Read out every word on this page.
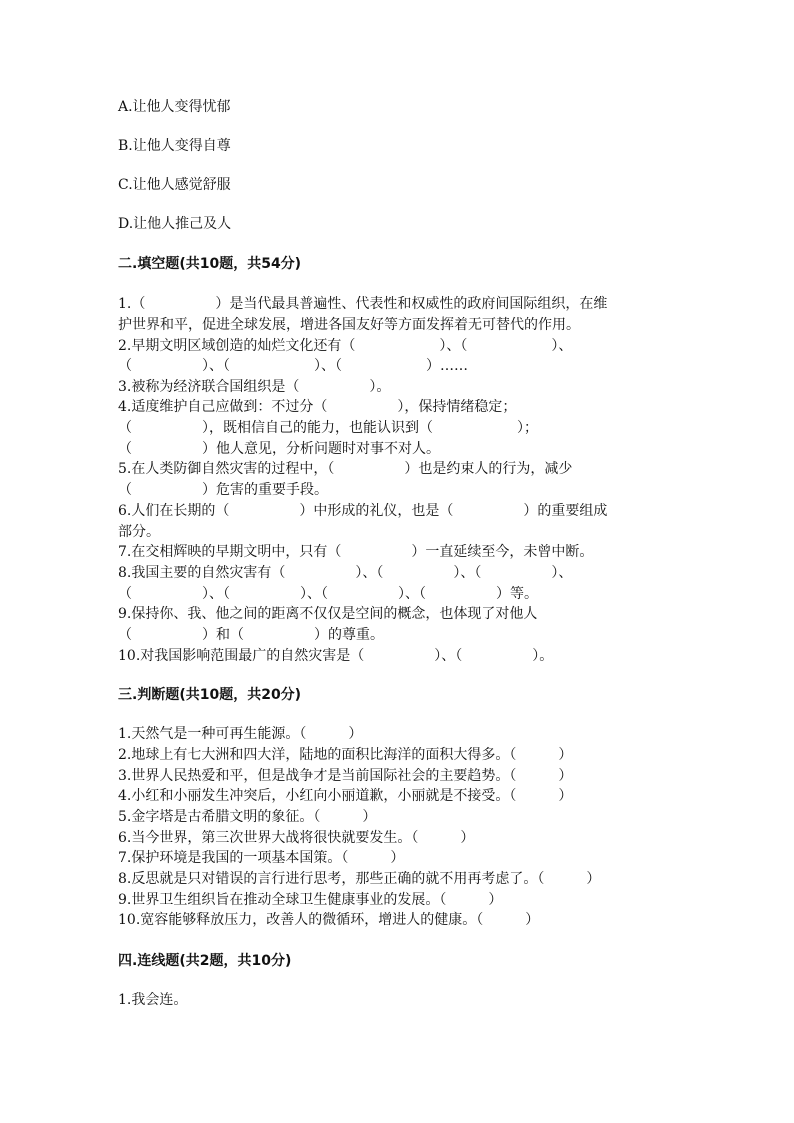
A.让他人变得忧郁
B.让他人变得自尊
C.让他人感觉舒服
D.让他人推己及人
二.填空题(共10题，共54分)
1.（　　　　　）是当代最具普遍性、代表性和权威性的政府间国际组织，在维
护世界和平，促进全球发展，增进各国友好等方面发挥着无可替代的作用。
2.早期文明区域创造的灿烂文化还有（　　　　　　）、（　　　　　　）、
（　　　　　）、（　　　　　　）、（　　　　　　）……
3.被称为经济联合国组织是（　　　　　）。
4.适度维护自己应做到：不过分（　　　　　），保持情绪稳定；
（　　　　　），既相信自己的能力，也能认识到（　　　　　　）；
（　　　　　）他人意见，分析问题时对事不对人。
5.在人类防御自然灾害的过程中，（　　　　　）也是约束人的行为，减少
（　　　　　）危害的重要手段。
6.人们在长期的（　　　　　）中形成的礼仪，也是（　　　　　）的重要组成
部分。
7.在交相辉映的早期文明中，只有（　　　　　）一直延续至今，未曾中断。
8.我国主要的自然灾害有（　　　　　）、（　　　　　）、（　　　　　）、
（　　　　　）、（　　　　　）、（　　　　　）、（　　　　　）等。
9.保持你、我、他之间的距离不仅仅是空间的概念，也体现了对他人
（　　　　　）和（　　　　　）的尊重。
10.对我国影响范围最广的自然灾害是（　　　　　）、（　　　　　）。
三.判断题(共10题，共20分)
1.天然气是一种可再生能源。（　　　）
2.地球上有七大洲和四大洋，陆地的面积比海洋的面积大得多。（　　　）
3.世界人民热爱和平，但是战争才是当前国际社会的主要趋势。（　　　）
4.小红和小丽发生冲突后，小红向小丽道歉，小丽就是不接受。（　　　）
5.金字塔是古希腊文明的象征。（　　　）
6.当今世界，第三次世界大战将很快就要发生。（　　　）
7.保护环境是我国的一项基本国策。（　　　）
8.反思就是只对错误的言行进行思考，那些正确的就不用再考虑了。（　　　）
9.世界卫生组织旨在推动全球卫生健康事业的发展。（　　　）
10.宽容能够释放压力，改善人的微循环，增进人的健康。（　　　）
四.连线题(共2题，共10分)
1.我会连。
